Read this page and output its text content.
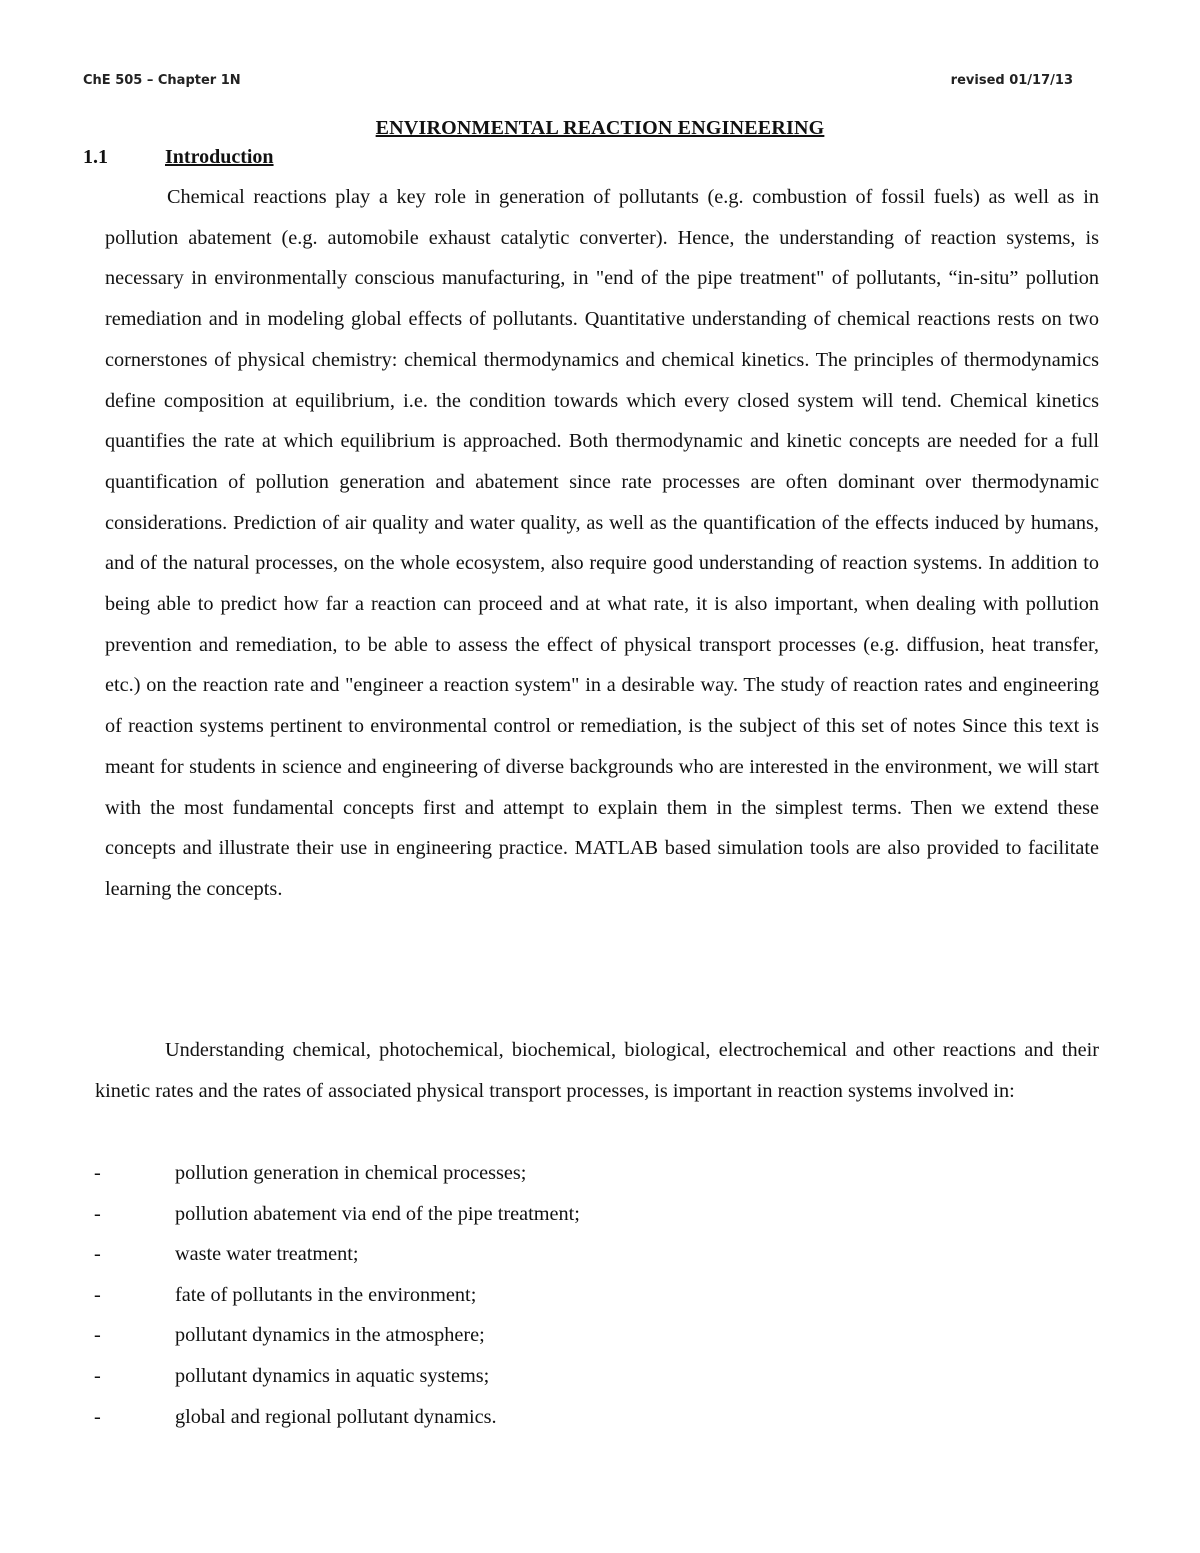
ChE 505 – Chapter 1N	revised 01/17/13
ENVIRONMENTAL REACTION ENGINEERING
1.1	Introduction
Chemical reactions play a key role in generation of pollutants (e.g. combustion of fossil fuels) as well as in pollution abatement (e.g. automobile exhaust catalytic converter). Hence, the understanding of reaction systems, is necessary in environmentally conscious manufacturing, in "end of the pipe treatment" of pollutants, “in-situ” pollution remediation and in modeling global effects of pollutants. Quantitative understanding of chemical reactions rests on two cornerstones of physical chemistry: chemical thermodynamics and chemical kinetics. The principles of thermodynamics define composition at equilibrium, i.e. the condition towards which every closed system will tend. Chemical kinetics quantifies the rate at which equilibrium is approached. Both thermodynamic and kinetic concepts are needed for a full quantification of pollution generation and abatement since rate processes are often dominant over thermodynamic considerations. Prediction of air quality and water quality, as well as the quantification of the effects induced by humans, and of the natural processes, on the whole ecosystem, also require good understanding of reaction systems. In addition to being able to predict how far a reaction can proceed and at what rate, it is also important, when dealing with pollution prevention and remediation, to be able to assess the effect of physical transport processes (e.g. diffusion, heat transfer, etc.) on the reaction rate and "engineer a reaction system" in a desirable way. The study of reaction rates and engineering of reaction systems pertinent to environmental control or remediation, is the subject of this set of notes Since this text is meant for students in science and engineering of diverse backgrounds who are interested in the environment, we will start with the most fundamental concepts first and attempt to explain them in the simplest terms. Then we extend these concepts and illustrate their use in engineering practice. MATLAB based simulation tools are also provided to facilitate learning the concepts.
Understanding chemical, photochemical, biochemical, biological, electrochemical and other reactions and their kinetic rates and the rates of associated physical transport processes, is important in reaction systems involved in:
-	pollution generation in chemical processes;
-	pollution abatement via end of the pipe treatment;
-	waste water treatment;
-	fate of pollutants in the environment;
-	pollutant dynamics in the atmosphere;
-	pollutant dynamics in aquatic systems;
-	global and regional pollutant dynamics.
